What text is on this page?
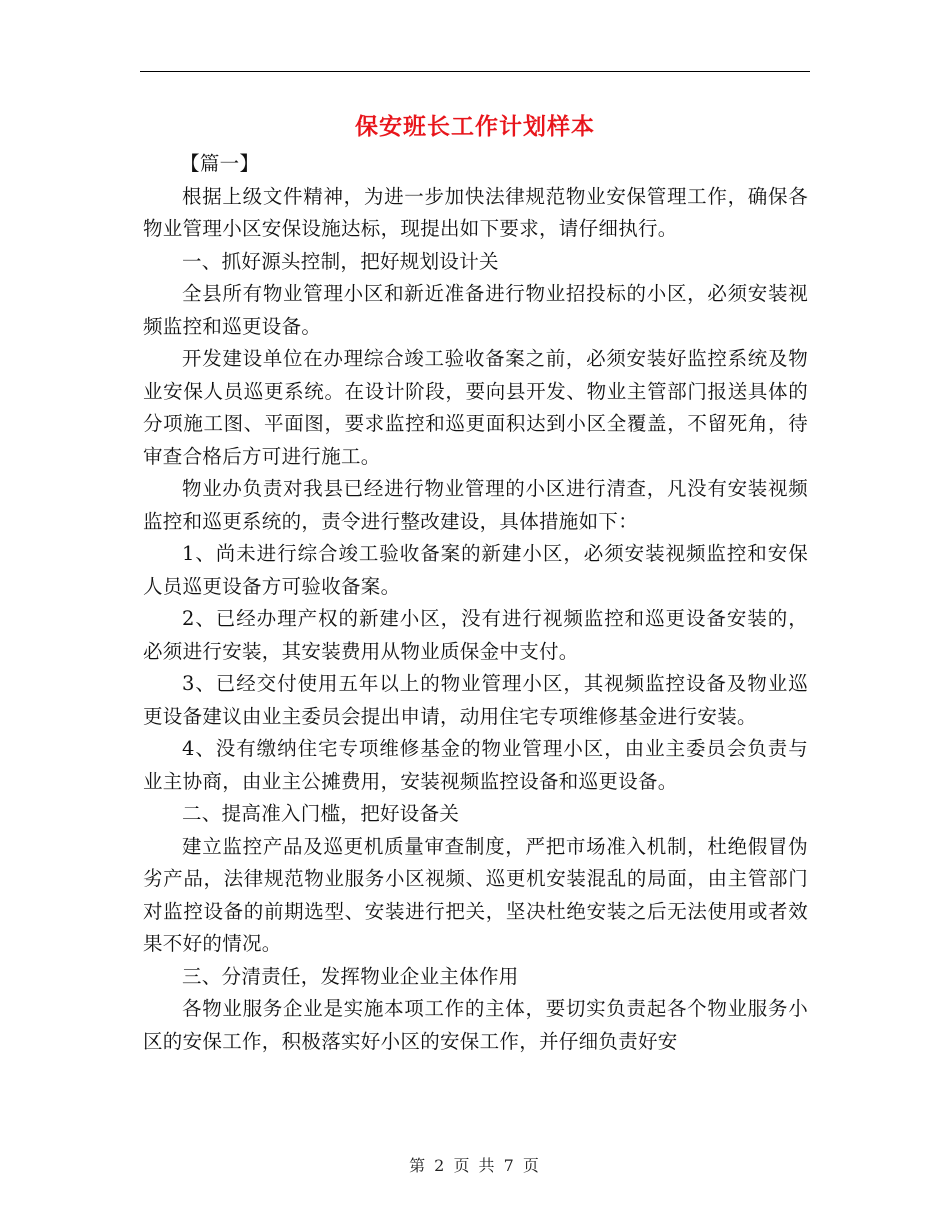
保安班长工作计划样本

【篇一】

根据上级文件精神，为进一步加快法律规范物业安保管理工作，确保各物业管理小区安保设施达标，现提出如下要求，请仔细执行。

一、抓好源头控制，把好规划设计关

全县所有物业管理小区和新近准备进行物业招投标的小区，必须安装视频监控和巡更设备。

开发建设单位在办理综合竣工验收备案之前，必须安装好监控系统及物业安保人员巡更系统。在设计阶段，要向县开发、物业主管部门报送具体的分项施工图、平面图，要求监控和巡更面积达到小区全覆盖，不留死角，待审查合格后方可进行施工。

物业办负责对我县已经进行物业管理的小区进行清查，凡没有安装视频监控和巡更系统的，责令进行整改建设，具体措施如下：

1、尚未进行综合竣工验收备案的新建小区，必须安装视频监控和安保人员巡更设备方可验收备案。

2、已经办理产权的新建小区，没有进行视频监控和巡更设备安装的，必须进行安装，其安装费用从物业质保金中支付。

3、已经交付使用五年以上的物业管理小区，其视频监控设备及物业巡更设备建议由业主委员会提出申请，动用住宅专项维修基金进行安装。

4、没有缴纳住宅专项维修基金的物业管理小区，由业主委员会负责与业主协商，由业主公摊费用，安装视频监控设备和巡更设备。

二、提高准入门槛，把好设备关

建立监控产品及巡更机质量审查制度，严把市场准入机制，杜绝假冒伪劣产品，法律规范物业服务小区视频、巡更机安装混乱的局面，由主管部门对监控设备的前期选型、安装进行把关，坚决杜绝安装之后无法使用或者效果不好的情况。

三、分清责任，发挥物业企业主体作用

各物业服务企业是实施本项工作的主体，要切实负责起各个物业服务小区的安保工作，积极落实好小区的安保工作，并仔细负责好安

第 2 页 共 7 页
